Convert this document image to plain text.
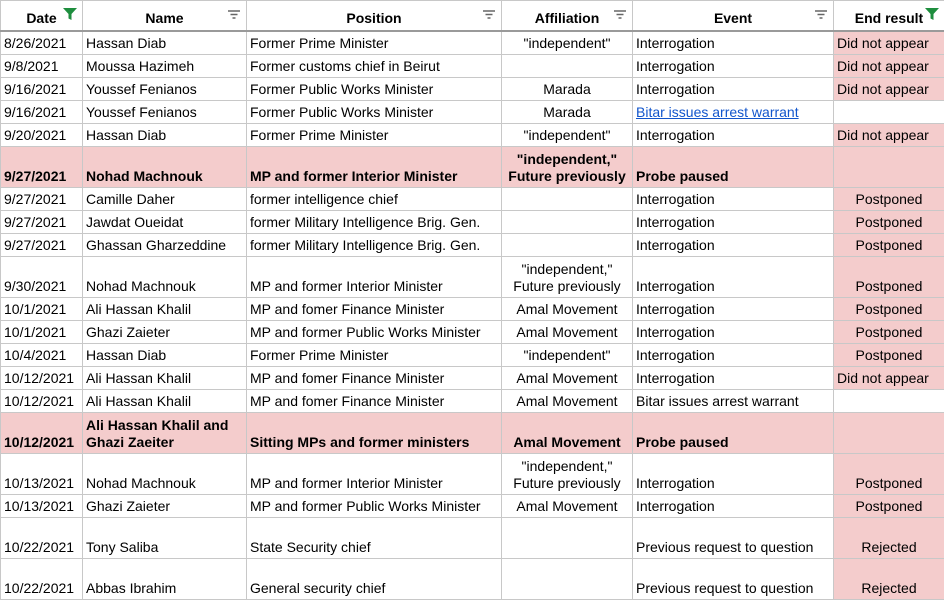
Date	Name	Position	Affiliation	Event	End result

8/26/2021	Hassan Diab	Former Prime Minister	"independent"	Interrogation	Did not appear
9/8/2021	Moussa Hazimeh	Former customs chief in Beirut		Interrogation	Did not appear
9/16/2021	Youssef Fenianos	Former Public Works Minister	Marada	Interrogation	Did not appear
9/16/2021	Youssef Fenianos	Former Public Works Minister	Marada	Bitar issues arrest warrant	
9/20/2021	Hassan Diab	Former Prime Minister	"independent"	Interrogation	Did not appear
9/27/2021	Nohad Machnouk	MP and former Interior Minister	"independent,"
Future previously	Probe paused	
9/27/2021	Camille Daher	former intelligence chief		Interrogation	Postponed
9/27/2021	Jawdat Oueidat	former Military Intelligence Brig. Gen.		Interrogation	Postponed
9/27/2021	Ghassan Gharzeddine	former Military Intelligence Brig. Gen.		Interrogation	Postponed
9/30/2021	Nohad Machnouk	MP and former Interior Minister	"independent,"
Future previously	Interrogation	Postponed
10/1/2021	Ali Hassan Khalil	MP and fomer Finance Minister	Amal Movement	Interrogation	Postponed
10/1/2021	Ghazi Zaieter	MP and former Public Works Minister	Amal Movement	Interrogation	Postponed
10/4/2021	Hassan Diab	Former Prime Minister	"independent"	Interrogation	Postponed
10/12/2021	Ali Hassan Khalil	MP and fomer Finance Minister	Amal Movement	Interrogation	Did not appear
10/12/2021	Ali Hassan Khalil	MP and fomer Finance Minister	Amal Movement	Bitar issues arrest warrant	
10/12/2021	Ali Hassan Khalil and
Ghazi Zaeiter	Sitting MPs and former ministers	Amal Movement	Probe paused	
10/13/2021	Nohad Machnouk	MP and former Interior Minister	"independent,"
Future previously	Interrogation	Postponed
10/13/2021	Ghazi Zaieter	MP and former Public Works Minister	Amal Movement	Interrogation	Postponed
10/22/2021	Tony Saliba	State Security chief		Previous request to question	Rejected
10/22/2021	Abbas Ibrahim	General security chief		Previous request to question	Rejected
